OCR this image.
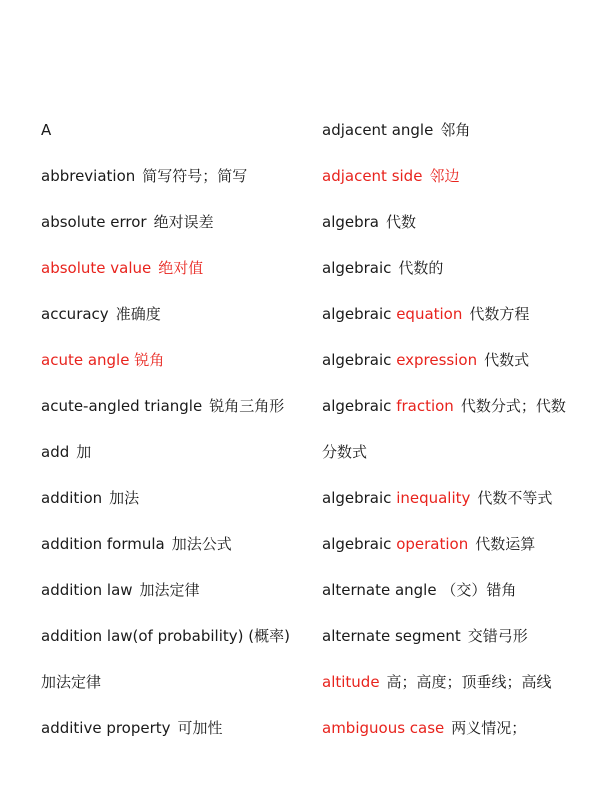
A
abbreviation 简写符号；简写
absolute error 绝对误差
absolute value 绝对值
accuracy 准确度
acute angle 锐角
acute-angled triangle 锐角三角形
add 加
addition 加法
addition formula 加法公式
addition law 加法定律
addition law(of probability) (概率)
加法定律
additive property 可加性
adjacent angle 邻角
adjacent side 邻边
algebra 代数
algebraic 代数的
algebraic equation 代数方程
algebraic expression 代数式
algebraic fraction 代数分式；代数
分数式
algebraic inequality 代数不等式
algebraic operation 代数运算
alternate angle （交）错角
alternate segment 交错弓形
altitude 高；高度；顶垂线；高线
ambiguous case 两义情况；
